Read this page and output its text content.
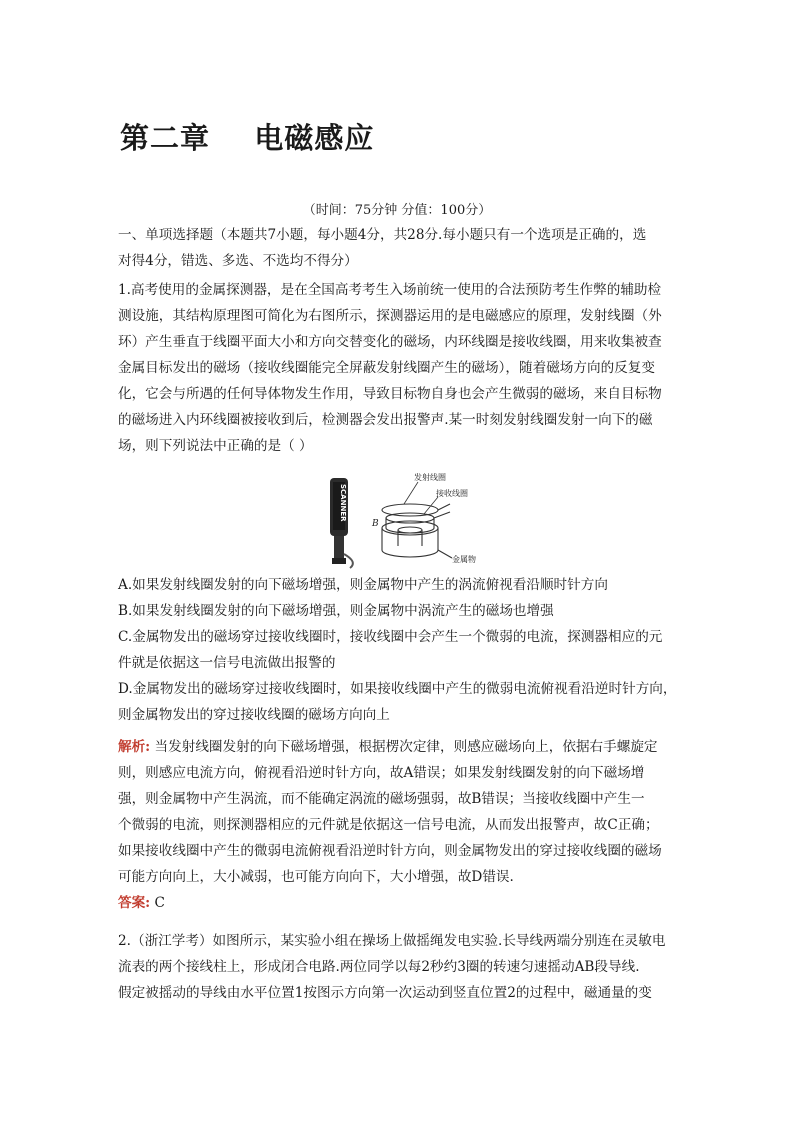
第二章    电磁感应
（时间：75分钟 分值：100分）
一、单项选择题（本题共7小题，每小题4分，共28分.每小题只有一个选项是正确的，选
对得4分，错选、多选、不选均不得分）
1.高考使用的金属探测器，是在全国高考考生入场前统一使用的合法预防考生作弊的辅助检
测设施，其结构原理图可简化为右图所示，探测器运用的是电磁感应的原理，发射线圈（外
环）产生垂直于线圈平面大小和方向交替变化的磁场，内环线圈是接收线圈，用来收集被查
金属目标发出的磁场（接收线圈能完全屏蔽发射线圈产生的磁场），随着磁场方向的反复变
化，它会与所遇的任何导体物发生作用，导致目标物自身也会产生微弱的磁场，来自目标物
的磁场进入内环线圈被接收到后，检测器会发出报警声.某一时刻发射线圈发射一向下的磁
场，则下列说法中正确的是（ ）
SCANNER
发射线圈
接收线圈
B
金属物
A.如果发射线圈发射的向下磁场增强，则金属物中产生的涡流俯视看沿顺时针方向
B.如果发射线圈发射的向下磁场增强，则金属物中涡流产生的磁场也增强
C.金属物发出的磁场穿过接收线圈时，接收线圈中会产生一个微弱的电流，探测器相应的元
件就是依据这一信号电流做出报警的
D.金属物发出的磁场穿过接收线圈时，如果接收线圈中产生的微弱电流俯视看沿逆时针方向，
则金属物发出的穿过接收线圈的磁场方向向上
解析: 当发射线圈发射的向下磁场增强，根据楞次定律，则感应磁场向上，依据右手螺旋定
则，则感应电流方向，俯视看沿逆时针方向，故A错误；如果发射线圈发射的向下磁场增
强，则金属物中产生涡流，而不能确定涡流的磁场强弱，故B错误；当接收线圈中产生一
个微弱的电流，则探测器相应的元件就是依据这一信号电流，从而发出报警声，故C正确；
如果接收线圈中产生的微弱电流俯视看沿逆时针方向，则金属物发出的穿过接收线圈的磁场
可能方向向上，大小减弱，也可能方向向下，大小增强，故D错误.
答案: C
2.（浙江学考）如图所示，某实验小组在操场上做摇绳发电实验.长导线两端分别连在灵敏电
流表的两个接线柱上，形成闭合电路.两位同学以每2秒约3圈的转速匀速摇动AB段导线.
假定被摇动的导线由水平位置1按图示方向第一次运动到竖直位置2的过程中，磁通量的变
